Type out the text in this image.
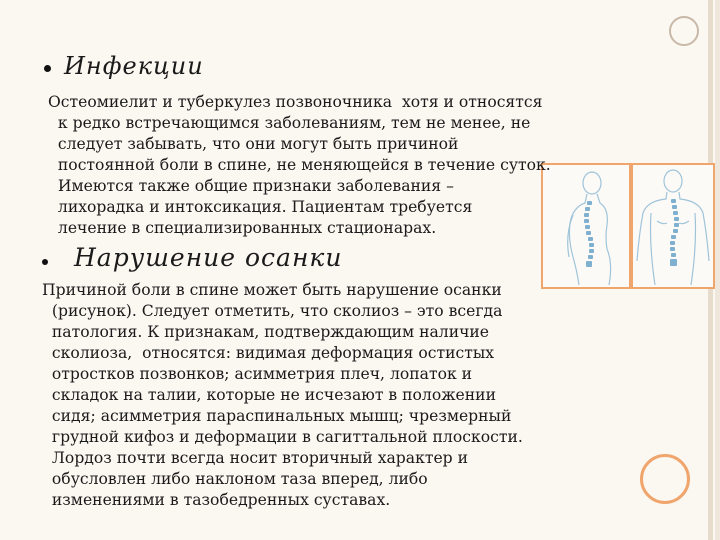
Инфекции
Остеомиелит и туберкулез позвоночника  хотя и относятся
к редко встречающимся заболеваниям, тем не менее, не
следует забывать, что они могут быть причиной
постоянной боли в спине, не меняющейся в течение суток.
Имеются также общие признаки заболевания –
лихорадка и интоксикация. Пациентам требуется
лечение в специализированных стационарах.
Нарушение осанки
Причиной боли в спине может быть нарушение осанки
(рисунок). Следует отметить, что сколиоз – это всегда
патология. К признакам, подтверждающим наличие
сколиоза,  относятся: видимая деформация остистых
отростков позвонков; асимметрия плеч, лопаток и
складок на талии, которые не исчезают в положении
сидя; асимметрия параспинальных мышц; чрезмерный
грудной кифоз и деформации в сагиттальной плоскости.
Лордоз почти всегда носит вторичный характер и
обусловлен либо наклоном таза вперед, либо
изменениями в тазобедренных суставах.
